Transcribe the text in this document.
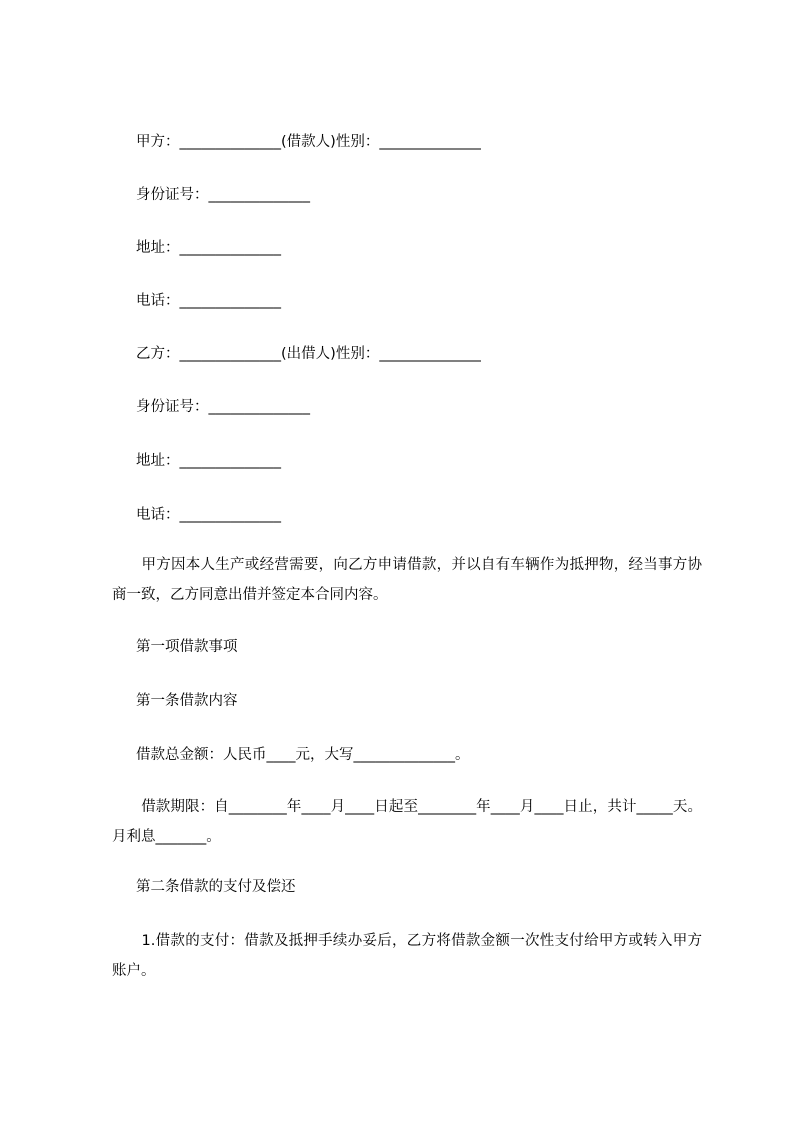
甲方：______________(借款人)性别：______________
身份证号：______________
地址：______________
电话：______________
乙方：______________(出借人)性别：______________
身份证号：______________
地址：______________
电话：______________
　　甲方因本人生产或经营需要，向乙方申请借款，并以自有车辆作为抵押物，经当事方协商一致，乙方同意出借并签定本合同内容。
第一项借款事项
第一条借款内容
借款总金额：人民币____元，大写______________。
　　借款期限：自________年____月____日起至________年____月____日止，共计_____天。月利息_______。
第二条借款的支付及偿还
　　1.借款的支付：借款及抵押手续办妥后，乙方将借款金额一次性支付给甲方或转入甲方账户。
